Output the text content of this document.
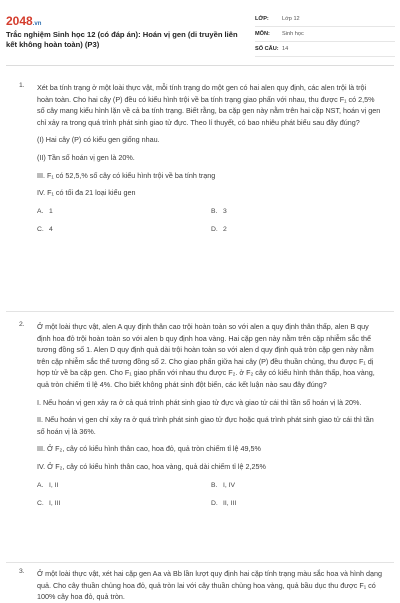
2048.vn
Trắc nghiệm Sinh học 12 (có đáp án): Hoán vị gen (di truyền liên kết không hoàn toàn) (P3)
LỚP:	Lớp 12
MÔN:	Sinh học
SỐ CÂU: 14
1. Xét ba tính trạng ở một loài thực vật, mỗi tính trạng do một gen có hai alen quy định, các alen trội là trội hoàn toàn. Cho hai cây (P) đều có kiểu hình trội về ba tính trạng giao phấn với nhau, thu được F₁ có 2,5% số cây mang kiểu hình lặn về cả ba tính trạng. Biết rằng, ba cặp gen này nằm trên hai cặp NST, hoán vị gen chỉ xảy ra trong quá trình phát sinh giao tử đực. Theo lí thuyết, có bao nhiêu phát biểu sau đây đúng?

(I) Hai cây (P) có kiểu gen giống nhau.

(II) Tần số hoán vị gen là 20%.

III. F₁ có 52,5,% số cây có kiểu hình trội về ba tính trạng

IV. F₁ có tối đa 21 loại kiểu gen

A. 1	B. 3
C. 4	D. 2
2. Ở một loài thực vật, alen A quy định thân cao trội hoàn toàn so với alen a quy định thân thấp, alen B quy định hoa đỏ trội hoàn toàn so với alen b quy định hoa vàng. Hai cặp gen này nằm trên cặp nhiễm sắc thể tương đồng số 1. Alen D quy định quả dài trội hoàn toàn so với alen d quy định quả tròn cặp gen này nằm trên cặp nhiễm sắc thể tương đồng số 2. Cho giao phấn giữa hai cây (P) đều thuần chủng, thu được F₁ dị hợp tử về ba cặp gen. Cho F₁ giao phấn với nhau thu được F₂. ở F₂ cây có kiểu hình thân thấp, hoa vàng, quả tròn chiếm tỉ lệ 4%. Cho biết không phát sinh đột biến, các kết luận nào sau đây đúng?

I. Nếu hoán vị gen xảy ra ở cả quá trình phát sinh giao tử đực và giao tử cái thì tần số hoán vị là 20%.

II. Nếu hoán vị gen chỉ xảy ra ở quá trình phát sinh giao tử đực hoặc quá trình phát sinh giao tử cái thì tần số hoán vị là 36%.

III. Ở F₂, cây có kiểu hình thân cao, hoa đỏ, quả tròn chiếm tỉ lệ 49,5%

IV. Ở F₂, cây có kiểu hình thân cao, hoa vàng, quả dài chiếm tỉ lệ 2,25%

A. I, II	B. I, IV
C. I, III	D. II, III
3. Ở một loài thực vật, xét hai cặp gen Aa và Bb lần lượt quy định hai cặp tính trạng màu sắc hoa và hình dạng quả. Cho cây thuần chủng hoa đỏ, quả tròn lai với cây thuần chủng hoa vàng, quả bầu dục thu được F₁ có 100% cây hoa đỏ, quả tròn.
